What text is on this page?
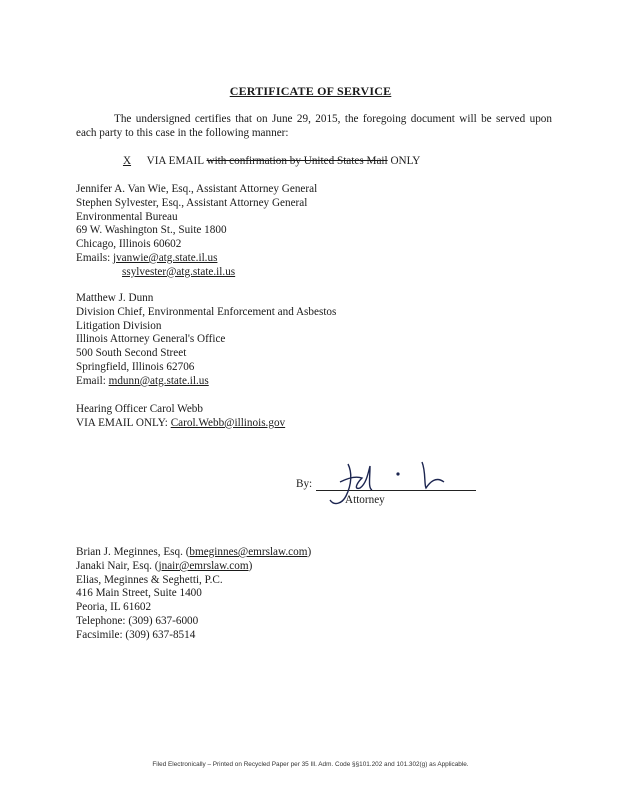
CERTIFICATE OF SERVICE
The undersigned certifies that on June 29, 2015, the foregoing document will be served upon each party to this case in the following manner:
X VIA EMAIL with confirmation by United States Mail ONLY
Jennifer A. Van Wie, Esq., Assistant Attorney General
Stephen Sylvester, Esq., Assistant Attorney General
Environmental Bureau
69 W. Washington St., Suite 1800
Chicago, Illinois 60602
Emails: jvanwie@atg.state.il.us
ssylvester@atg.state.il.us
Matthew J. Dunn
Division Chief, Environmental Enforcement and Asbestos
Litigation Division
Illinois Attorney General's Office
500 South Second Street
Springfield, Illinois 62706
Email: mdunn@atg.state.il.us
Hearing Officer Carol Webb
VIA EMAIL ONLY: Carol.Webb@illinois.gov
By:
Attorney
Brian J. Meginnes, Esq. (bmeginnes@emrslaw.com)
Janaki Nair, Esq. (jnair@emrslaw.com)
Elias, Meginnes & Seghetti, P.C.
416 Main Street, Suite 1400
Peoria, IL 61602
Telephone: (309) 637-6000
Facsimile: (309) 637-8514
Filed Electronically – Printed on Recycled Paper per 35 Ill. Adm. Code §§101.202 and 101.302(g) as Applicable.
